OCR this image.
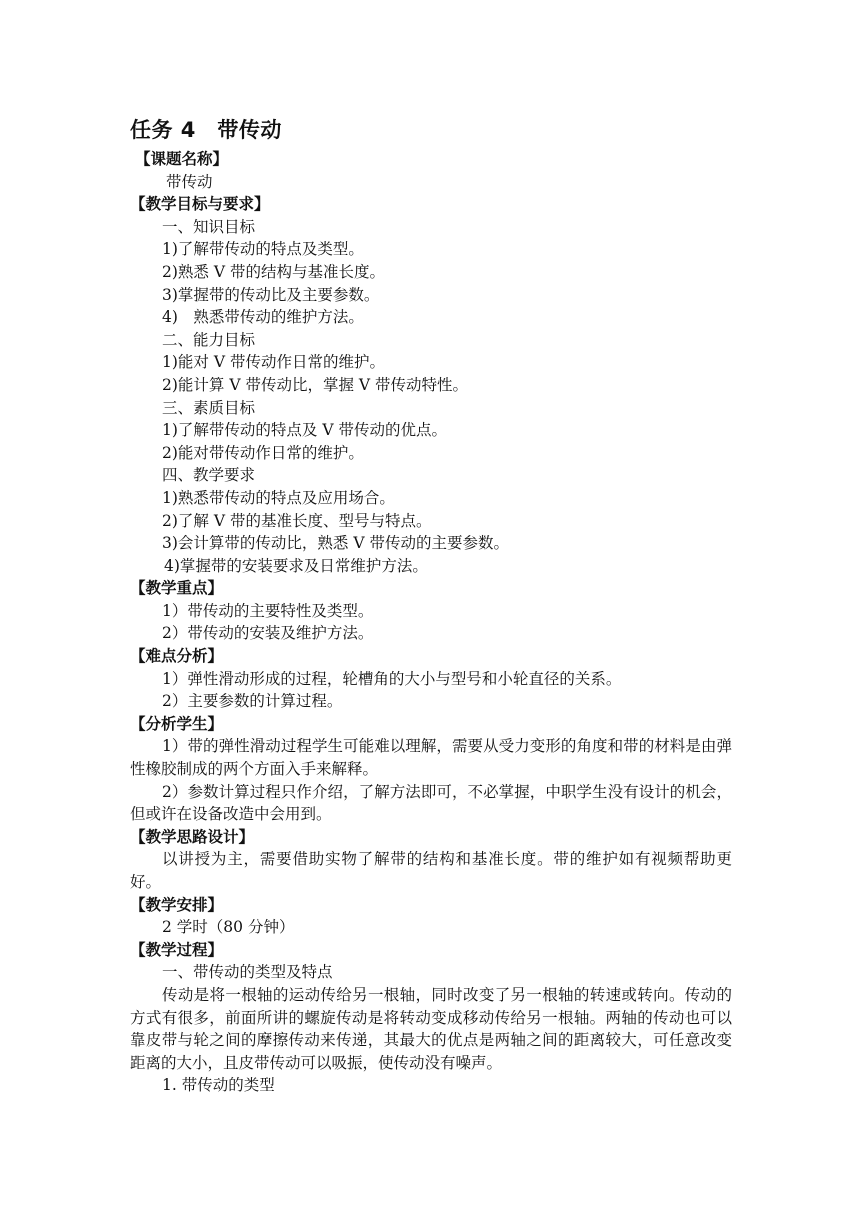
任务 4　带传动
【课题名称】
带传动
【教学目标与要求】
一、知识目标
1)了解带传动的特点及类型。
2)熟悉 V 带的结构与基准长度。
3)掌握带的传动比及主要参数。
4)　熟悉带传动的维护方法。
二、能力目标
1)能对 V 带传动作日常的维护。
2)能计算 V 带传动比，掌握 V 带传动特性。
三、素质目标
1)了解带传动的特点及 V 带传动的优点。
2)能对带传动作日常的维护。
四、教学要求
1)熟悉带传动的特点及应用场合。
2)了解 V 带的基准长度、型号与特点。
3)会计算带的传动比，熟悉 V 带传动的主要参数。
4)掌握带的安装要求及日常维护方法。
【教学重点】
1）带传动的主要特性及类型。
2）带传动的安装及维护方法。
【难点分析】
1）弹性滑动形成的过程，轮槽角的大小与型号和小轮直径的关系。
2）主要参数的计算过程。
【分析学生】
1）带的弹性滑动过程学生可能难以理解，需要从受力变形的角度和带的材料是由弹性橡胶制成的两个方面入手来解释。
2）参数计算过程只作介绍，了解方法即可，不必掌握，中职学生没有设计的机会，但或许在设备改造中会用到。
【教学思路设计】
以讲授为主，需要借助实物了解带的结构和基准长度。带的维护如有视频帮助更好。
【教学安排】
2 学时（80 分钟）
【教学过程】
一、带传动的类型及特点
传动是将一根轴的运动传给另一根轴，同时改变了另一根轴的转速或转向。传动的方式有很多，前面所讲的螺旋传动是将转动变成移动传给另一根轴。两轴的传动也可以靠皮带与轮之间的摩擦传动来传递，其最大的优点是两轴之间的距离较大，可任意改变距离的大小，且皮带传动可以吸振，使传动没有噪声。
1. 带传动的类型
